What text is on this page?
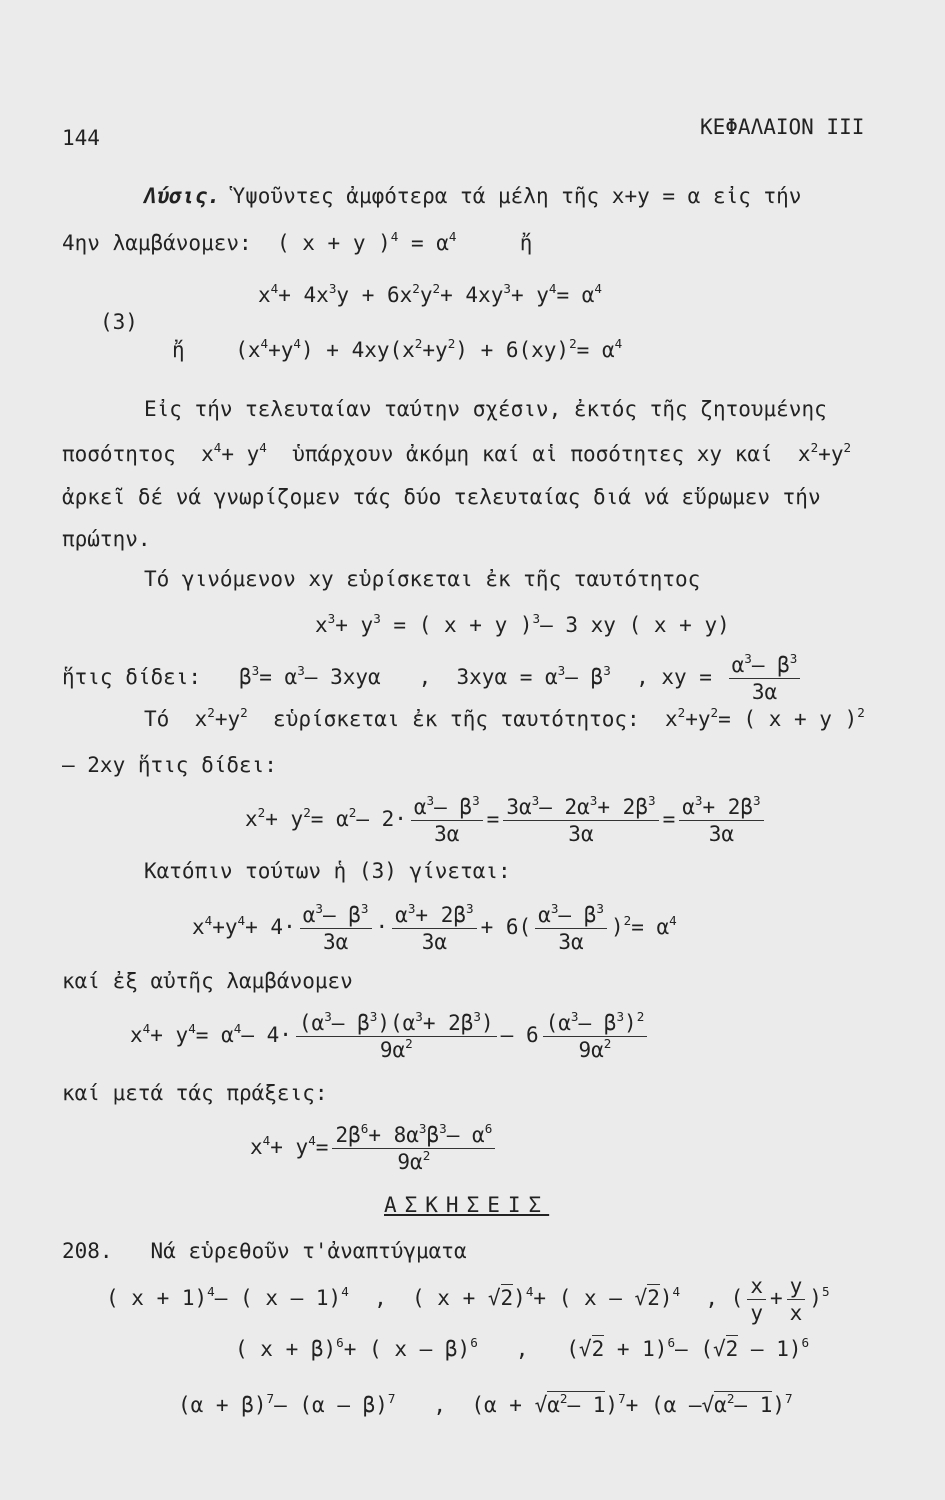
144	ΚΕΦΑΛΑΙΟΝ III
Λύσις. Ὑψοῦντες ἀμφότερα τά μέλη τῆς x+y = α εἰς τήν
4ην λαμβάνομεν:  ( x + y )$^4 = \alpha^4$	ἤ
$x^4+ 4x^3y + 6x^2y^2+ 4xy^3+ y^4= \alpha^4$
(3)
ἤ    $(x^4+y^4) + 4xy(x^2+y^2) + 6(xy)^2= \alpha^4$
Εἰς τήν τελευταίαν ταύτην σχέσιν, ἐκτός τῆς ζητουμένης
ποσότητος  $x^4+ y^4$ ὑπάρχουν ἀκόμη καί αἱ ποσότητες xy καί  $x^2+y^2$
ἀρκεῖ δέ νά γνωρίζομεν τάς δύο τελευταίας διά νά εὕρωμεν τήν
πρώτην.
Τό γινόμενον xy εὑρίσκεται ἐκ τῆς ταυτότητος
$x^3+ y^3$ = ( x + y )$^3$– 3 xy ( x + y)
ἥτις δίδει:   $\beta^3= \alpha^3-$ 3xyα   ,  $3xy\alpha = \alpha^3-$ $\beta^3$  , xy = $\frac{\alpha^3- \beta^3}{3\alpha}$
Τό  $x^2+y^2$ εὑρίσκεται ἐκ τῆς ταυτότητος:  $x^2+y^2=$ ( x + y )$^2$
– 2xy ἥτις δίδει:
$x^2+ y^2= \alpha^2-$ $2\cdot \frac{\alpha^3- \beta^3}{3\alpha} = \frac{3\alpha^3- 2\alpha^3+ 2\beta^3}{3\alpha} = \frac{\alpha^3+ 2\beta^3}{3\alpha}$
Κατόπιν τούτων ἡ (3) γίνεται:
$x^4+y^4+ 4\cdot \frac{\alpha^3- \beta^3}{3\alpha} \cdot \frac{\alpha^3+ 2\beta^3}{3\alpha} + 6( \frac{\alpha^3- \beta^3}{3\alpha} )^2= \alpha^4$
καί ἐξ αὐτῆς λαμβάνομεν
$x^4+ y^4= \alpha^4-$ $4\cdot \frac{(\alpha^3- \beta^3)(\alpha^3+ 2\beta^3)}{9\alpha^2} - 6 \frac{(\alpha^3- \beta^3)^2}{9\alpha^2}$
καί μετά τάς πράξεις:
$x^4+ y^4= \frac{2\beta^6+ 8\alpha^3\beta^3- \alpha^6}{9\alpha^2}$
ΑΣΚΗΣΕΙΣ
208. Νά εὑρεθοῦν τ'ἀναπτύγματα
( x + 1)$^4$– ( x – 1)$^4$  ,  ( x + √2)$^4$+ ( x – √2)$^4$  , ( $\frac{x}{y} + \frac{y}{x} )^5$
( x + β)$^6$+ ( x – β)$^6$   ,   $(√2 + 1)^6-$ (√2 – 1)$^6$
$(\alpha + \beta)^7-$ (α – β)$^7$   ,  ($\alpha + √\alpha^2-$ 1)$^7$+ (α $-√\alpha^2-$ 1)$^7$
